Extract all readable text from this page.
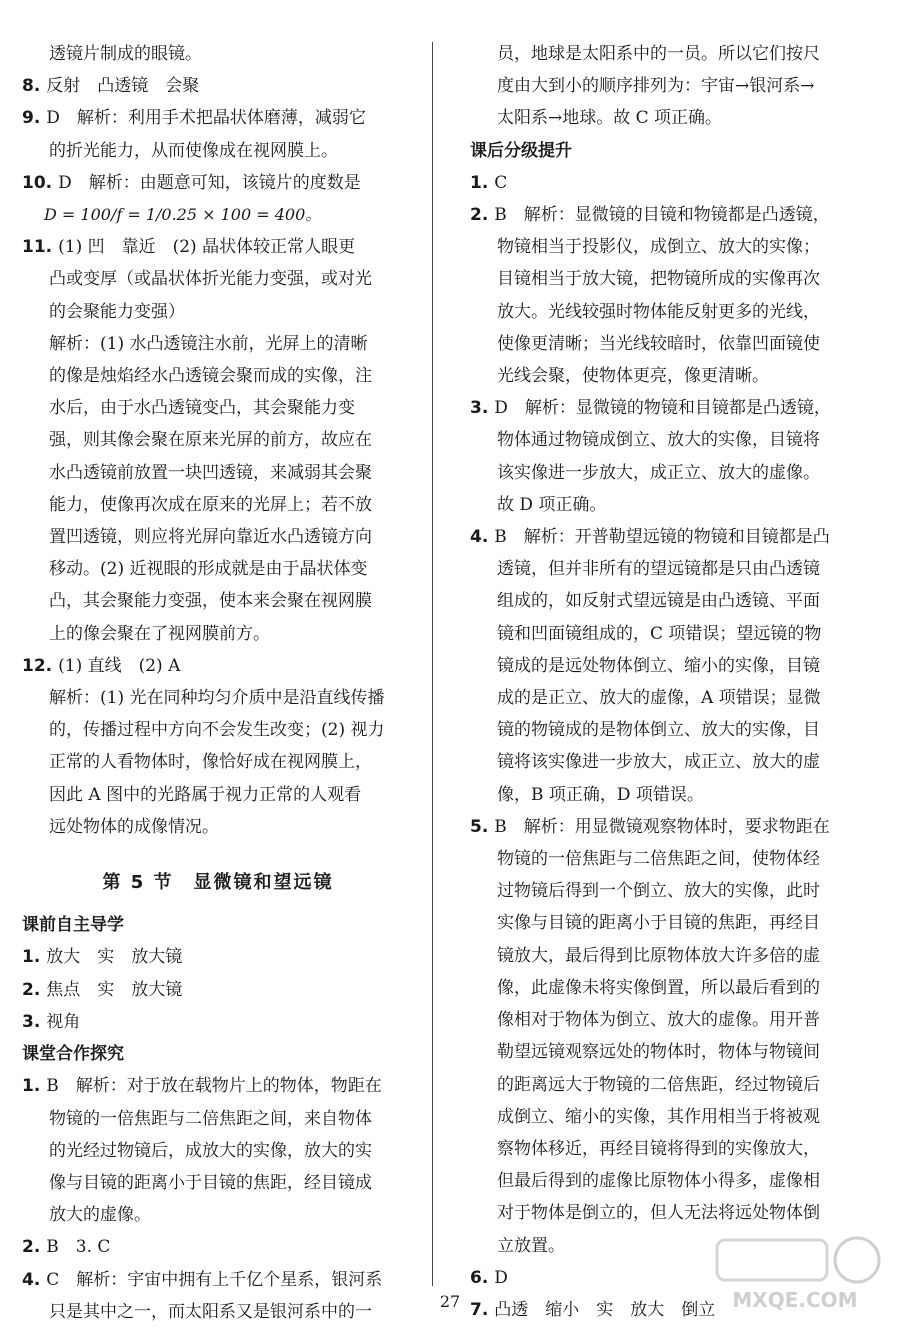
透镜片制成的眼镜。

8. 反射　凸透镜　会聚

9. D　解析：利用手术把晶状体磨薄，减弱它

的折光能力，从而使像成在视网膜上。

10. D　解析：由题意可知，该镜片的度数是

D = 100/f = 1/0.25 × 100 = 400。

11. (1) 凹　靠近　(2) 晶状体较正常人眼更

凸或变厚（或晶状体折光能力变强，或对光

的会聚能力变强）

解析：(1) 水凸透镜注水前，光屏上的清晰

的像是烛焰经水凸透镜会聚而成的实像，注

水后，由于水凸透镜变凸，其会聚能力变

强，则其像会聚在原来光屏的前方，故应在

水凸透镜前放置一块凹透镜，来减弱其会聚

能力，使像再次成在原来的光屏上；若不放

置凹透镜，则应将光屏向靠近水凸透镜方向

移动。(2) 近视眼的形成就是由于晶状体变

凸，其会聚能力变强，使本来会聚在视网膜

上的像会聚在了视网膜前方。

12. (1) 直线　(2) A

解析：(1) 光在同种均匀介质中是沿直线传播

的，传播过程中方向不会发生改变；(2) 视力

正常的人看物体时，像恰好成在视网膜上，

因此 A 图中的光路属于视力正常的人观看

远处物体的成像情况。

第 5 节　显微镜和望远镜

课前自主导学

1. 放大　实　放大镜

2. 焦点　实　放大镜

3. 视角

课堂合作探究

1. B　解析：对于放在载物片上的物体，物距在

物镜的一倍焦距与二倍焦距之间，来自物体

的光经过物镜后，成放大的实像，放大的实

像与目镜的距离小于目镜的焦距，经目镜成

放大的虚像。

2. B　3. C

4. C　解析：宇宙中拥有上千亿个星系，银河系

只是其中之一，而太阳系又是银河系中的一

员，地球是太阳系中的一员。所以它们按尺

度由大到小的顺序排列为：宇宙→银河系→

太阳系→地球。故 C 项正确。

课后分级提升

1. C

2. B　解析：显微镜的目镜和物镜都是凸透镜，

物镜相当于投影仪，成倒立、放大的实像；

目镜相当于放大镜，把物镜所成的实像再次

放大。光线较强时物体能反射更多的光线，

使像更清晰；当光线较暗时，依靠凹面镜使

光线会聚，使物体更亮，像更清晰。

3. D　解析：显微镜的物镜和目镜都是凸透镜，

物体通过物镜成倒立、放大的实像，目镜将

该实像进一步放大，成正立、放大的虚像。

故 D 项正确。

4. B　解析：开普勒望远镜的物镜和目镜都是凸

透镜，但并非所有的望远镜都是只由凸透镜

组成的，如反射式望远镜是由凸透镜、平面

镜和凹面镜组成的，C 项错误；望远镜的物

镜成的是远处物体倒立、缩小的实像，目镜

成的是正立、放大的虚像，A 项错误；显微

镜的物镜成的是物体倒立、放大的实像，目

镜将该实像进一步放大，成正立、放大的虚

像，B 项正确，D 项错误。

5. B　解析：用显微镜观察物体时，要求物距在

物镜的一倍焦距与二倍焦距之间，使物体经

过物镜后得到一个倒立、放大的实像，此时

实像与目镜的距离小于目镜的焦距，再经目

镜放大，最后得到比原物体放大许多倍的虚

像，此虚像未将实像倒置，所以最后看到的

像相对于物体为倒立、放大的虚像。用开普

勒望远镜观察远处的物体时，物体与物镜间

的距离远大于物镜的二倍焦距，经过物镜后

成倒立、缩小的实像，其作用相当于将被观

察物体移近，再经目镜将得到的实像放大，

但最后得到的虚像比原物体小得多，虚像相

对于物体是倒立的，但人无法将远处物体倒

立放置。

6. D

7. 凸透　缩小　实　放大　倒立

27	MXQE.COM
